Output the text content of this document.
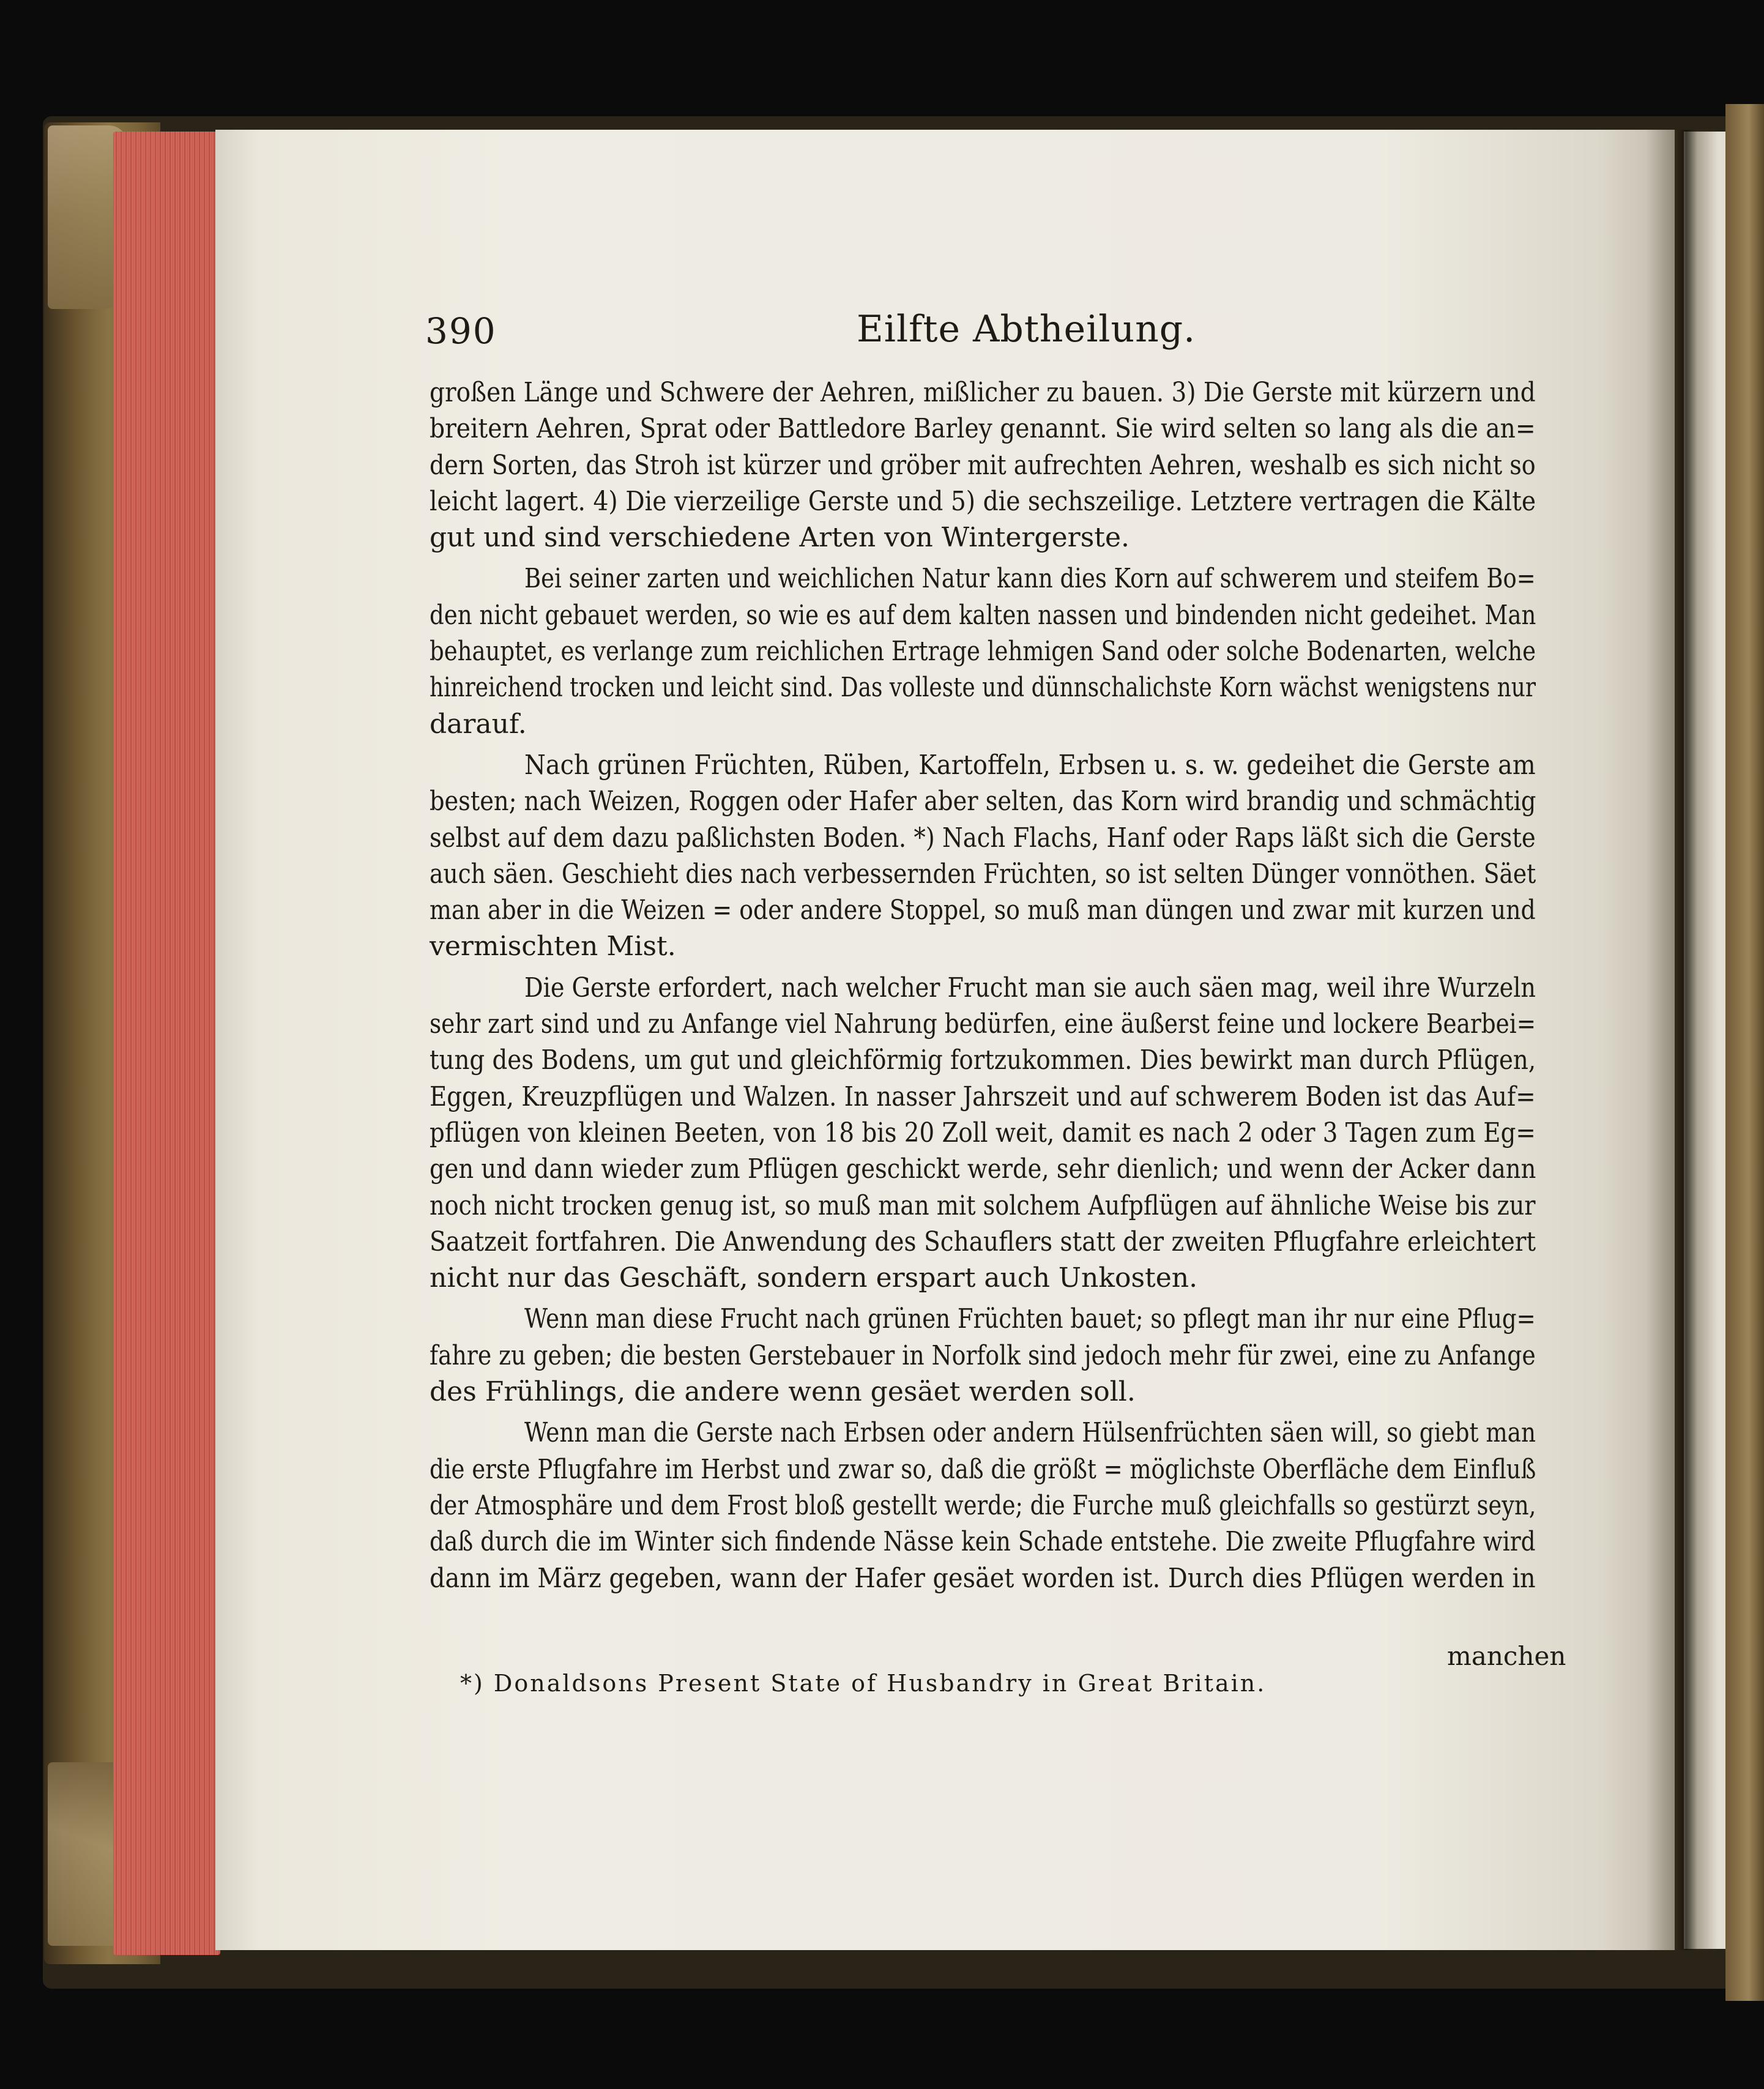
390	Eilfte Abtheilung.
großen Länge und Schwere der Aehren, mißlicher zu bauen. 3) Die Gerste mit kürzern und
breitern Aehren, Sprat oder Battledore Barley genannt. Sie wird selten so lang als die an=
dern Sorten, das Stroh ist kürzer und gröber mit aufrechten Aehren, weshalb es sich nicht so
leicht lagert. 4) Die vierzeilige Gerste und 5) die sechszeilige. Letztere vertragen die Kälte
gut und sind verschiedene Arten von Wintergerste.
Bei seiner zarten und weichlichen Natur kann dies Korn auf schwerem und steifem Bo=
den nicht gebauet werden, so wie es auf dem kalten nassen und bindenden nicht gedeihet. Man
behauptet, es verlange zum reichlichen Ertrage lehmigen Sand oder solche Bodenarten, welche
hinreichend trocken und leicht sind. Das volleste und dünnschalichste Korn wächst wenigstens nur
darauf.
Nach grünen Früchten, Rüben, Kartoffeln, Erbsen u. s. w. gedeihet die Gerste am
besten; nach Weizen, Roggen oder Hafer aber selten, das Korn wird brandig und schmächtig
selbst auf dem dazu paßlichsten Boden. *) Nach Flachs, Hanf oder Raps läßt sich die Gerste
auch säen. Geschieht dies nach verbessernden Früchten, so ist selten Dünger vonnöthen. Säet
man aber in die Weizen = oder andere Stoppel, so muß man düngen und zwar mit kurzen und
vermischten Mist.
Die Gerste erfordert, nach welcher Frucht man sie auch säen mag, weil ihre Wurzeln
sehr zart sind und zu Anfange viel Nahrung bedürfen, eine äußerst feine und lockere Bearbei=
tung des Bodens, um gut und gleichförmig fortzukommen. Dies bewirkt man durch Pflügen,
Eggen, Kreuzpflügen und Walzen. In nasser Jahrszeit und auf schwerem Boden ist das Auf=
pflügen von kleinen Beeten, von 18 bis 20 Zoll weit, damit es nach 2 oder 3 Tagen zum Eg=
gen und dann wieder zum Pflügen geschickt werde, sehr dienlich; und wenn der Acker dann
noch nicht trocken genug ist, so muß man mit solchem Aufpflügen auf ähnliche Weise bis zur
Saatzeit fortfahren. Die Anwendung des Schauflers statt der zweiten Pflugfahre erleichtert
nicht nur das Geschäft, sondern erspart auch Unkosten.
Wenn man diese Frucht nach grünen Früchten bauet; so pflegt man ihr nur eine Pflug=
fahre zu geben; die besten Gerstebauer in Norfolk sind jedoch mehr für zwei, eine zu Anfange
des Frühlings, die andere wenn gesäet werden soll.
Wenn man die Gerste nach Erbsen oder andern Hülsenfrüchten säen will, so giebt man
die erste Pflugfahre im Herbst und zwar so, daß die größt = möglichste Oberfläche dem Einfluß
der Atmosphäre und dem Frost bloß gestellt werde; die Furche muß gleichfalls so gestürzt seyn,
daß durch die im Winter sich findende Nässe kein Schade entstehe. Die zweite Pflugfahre wird
dann im März gegeben, wann der Hafer gesäet worden ist. Durch dies Pflügen werden in
manchen
*) Donaldsons Present State of Husbandry in Great Britain.
